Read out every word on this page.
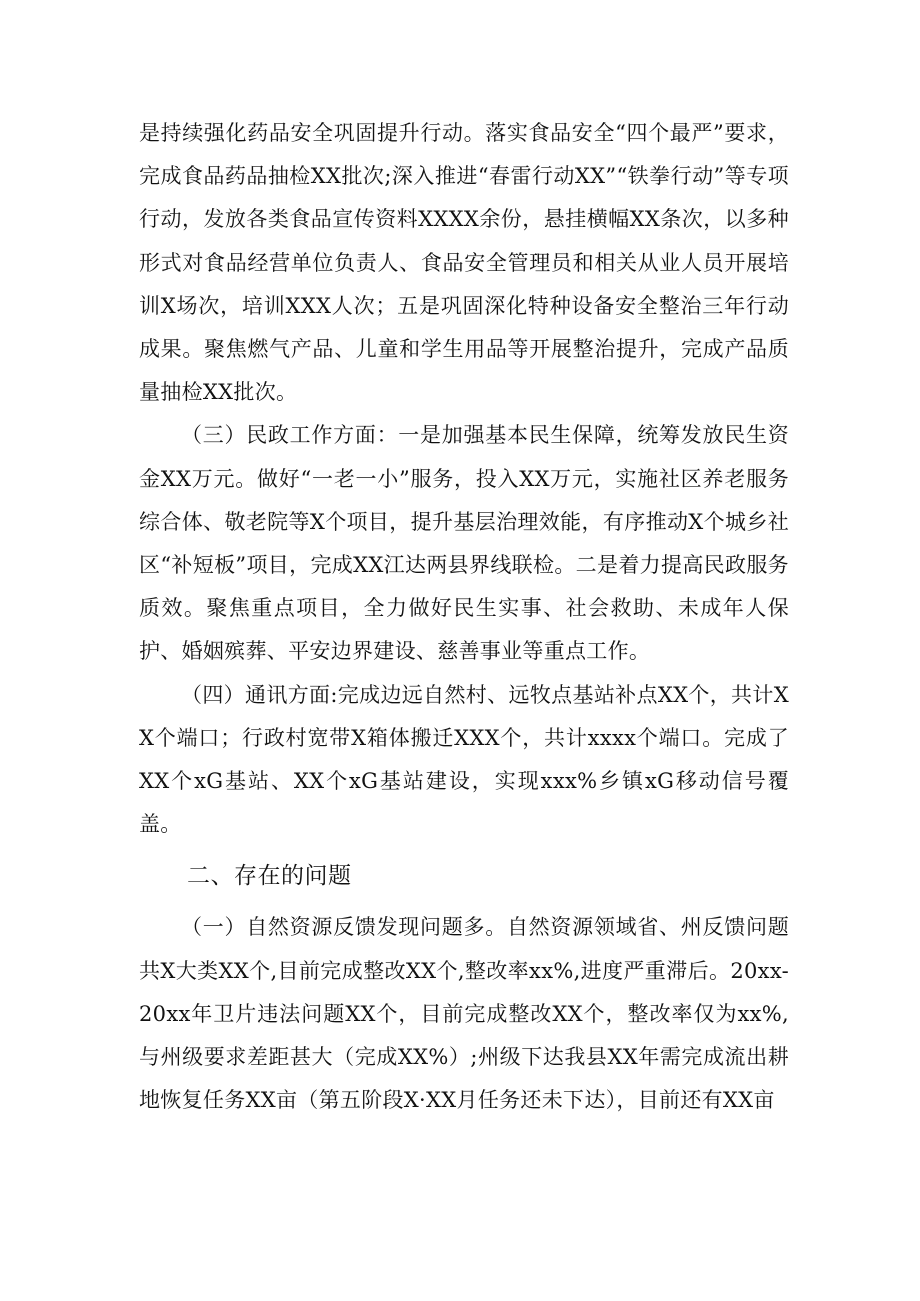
是持续强化药品安全巩固提升行动。落实食品安全“四个最严”要求，完成食品药品抽检XX批次;深入推进“春雷行动XX”“铁拳行动”等专项行动，发放各类食品宣传资料XXXX余份，悬挂横幅XX条次，以多种形式对食品经营单位负责人、食品安全管理员和相关从业人员开展培训X场次，培训XXX人次；五是巩固深化特种设备安全整治三年行动成果。聚焦燃气产品、儿童和学生用品等开展整治提升，完成产品质量抽检XX批次。

（三）民政工作方面：一是加强基本民生保障，统筹发放民生资金XX万元。做好“一老一小”服务，投入XX万元，实施社区养老服务综合体、敬老院等X个项目，提升基层治理效能，有序推动X个城乡社区“补短板”项目，完成XX江达两县界线联检。二是着力提高民政服务质效。聚焦重点项目，全力做好民生实事、社会救助、未成年人保护、婚姻殡葬、平安边界建设、慈善事业等重点工作。

（四）通讯方面:完成边远自然村、远牧点基站补点XX个，共计XX个端口；行政村宽带X箱体搬迁XXX个，共计xxxx个端口。完成了XX个xG基站、XX个xG基站建设，实现xxx%乡镇xG移动信号覆盖。

二、存在的问题

（一）自然资源反馈发现问题多。自然资源领域省、州反馈问题共X大类XX个,目前完成整改XX个,整改率xx%,进度严重滞后。20xx-20xx年卫片违法问题XX个，目前完成整改XX个，整改率仅为xx%,与州级要求差距甚大（完成XX%）;州级下达我县XX年需完成流出耕地恢复任务XX亩（第五阶段X·XX月任务还未下达），目前还有XX亩
